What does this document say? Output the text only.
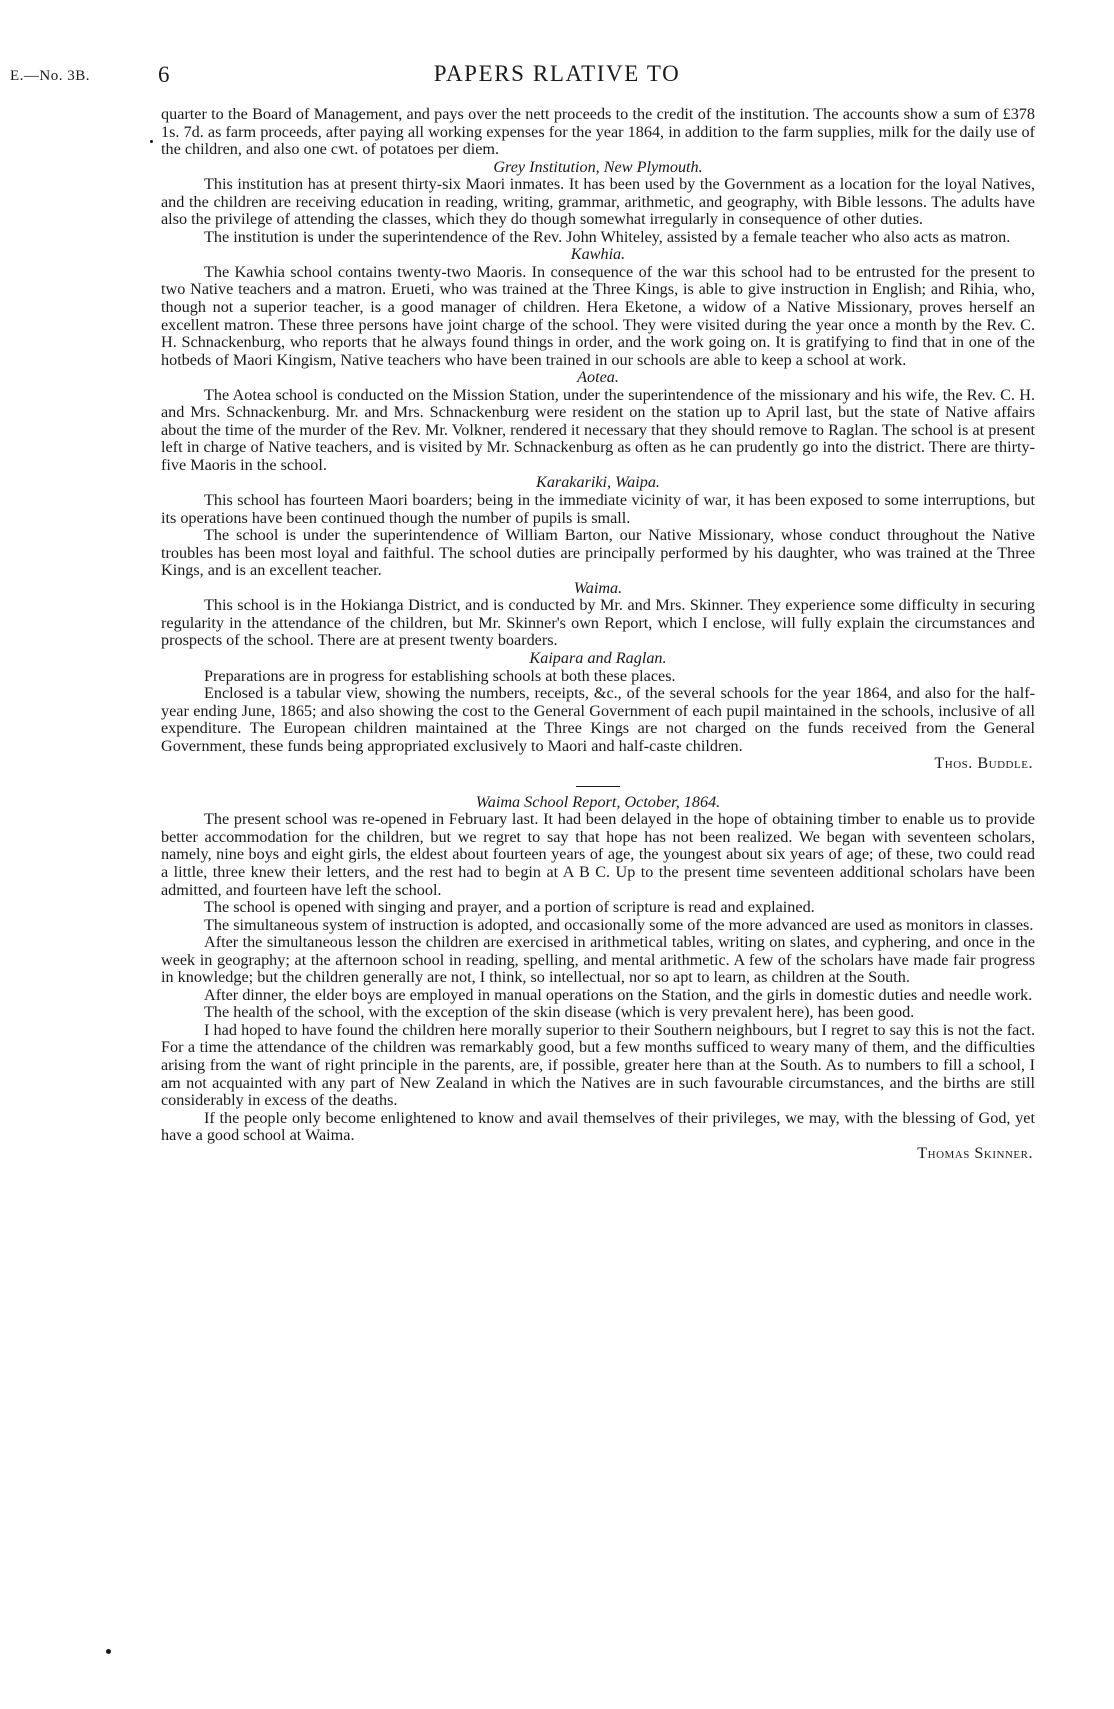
E.—No. 3B.	6	PAPERS RLATIVE TO

quarter to the Board of Management, and pays over the nett proceeds to the credit of the institution. The accounts show a sum of £378 1s. 7d. as farm proceeds, after paying all working expenses for the year 1864, in addition to the farm supplies, milk for the daily use of the children, and also one cwt. of potatoes per diem.

Grey Institution, New Plymouth.

This institution has at present thirty-six Maori inmates. It has been used by the Government as a location for the loyal Natives, and the children are receiving education in reading, writing, grammar, arithmetic, and geography, with Bible lessons. The adults have also the privilege of attending the classes, which they do though somewhat irregularly in consequence of other duties.

The institution is under the superintendence of the Rev. John Whiteley, assisted by a female teacher who also acts as matron.

Kawhia.

The Kawhia school contains twenty-two Maoris. In consequence of the war this school had to be entrusted for the present to two Native teachers and a matron. Erueti, who was trained at the Three Kings, is able to give instruction in English; and Rihia, who, though not a superior teacher, is a good manager of children. Hera Eketone, a widow of a Native Missionary, proves herself an excellent matron. These three persons have joint charge of the school. They were visited during the year once a month by the Rev. C. H. Schnackenburg, who reports that he always found things in order, and the work going on. It is gratifying to find that in one of the hotbeds of Maori Kingism, Native teachers who have been trained in our schools are able to keep a school at work.

Aotea.

The Aotea school is conducted on the Mission Station, under the superintendence of the missionary and his wife, the Rev. C. H. and Mrs. Schnackenburg. Mr. and Mrs. Schnackenburg were resident on the station up to April last, but the state of Native affairs about the time of the murder of the Rev. Mr. Volkner, rendered it necessary that they should remove to Raglan. The school is at present left in charge of Native teachers, and is visited by Mr. Schnackenburg as often as he can prudently go into the district. There are thirty-five Maoris in the school.

Karakariki, Waipa.

This school has fourteen Maori boarders; being in the immediate vicinity of war, it has been exposed to some interruptions, but its operations have been continued though the number of pupils is small.

The school is under the superintendence of William Barton, our Native Missionary, whose conduct throughout the Native troubles has been most loyal and faithful. The school duties are principally performed by his daughter, who was trained at the Three Kings, and is an excellent teacher.

Waima.

This school is in the Hokianga District, and is conducted by Mr. and Mrs. Skinner. They experience some difficulty in securing regularity in the attendance of the children, but Mr. Skinner's own Report, which I enclose, will fully explain the circumstances and prospects of the school. There are at present twenty boarders.

Kaipara and Raglan.

Preparations are in progress for establishing schools at both these places.

Enclosed is a tabular view, showing the numbers, receipts, &c., of the several schools for the year 1864, and also for the half-year ending June, 1865; and also showing the cost to the General Government of each pupil maintained in the schools, inclusive of all expenditure. The European children maintained at the Three Kings are not charged on the funds received from the General Government, these funds being appropriated exclusively to Maori and half-caste children.

Thos. Buddle.
Waima School Report, October, 1864.

The present school was re-opened in February last. It had been delayed in the hope of obtaining timber to enable us to provide better accommodation for the children, but we regret to say that hope has not been realized. We began with seventeen scholars, namely, nine boys and eight girls, the eldest about fourteen years of age, the youngest about six years of age; of these, two could read a little, three knew their letters, and the rest had to begin at A B C. Up to the present time seventeen additional scholars have been admitted, and fourteen have left the school.

The school is opened with singing and prayer, and a portion of scripture is read and explained.

The simultaneous system of instruction is adopted, and occasionally some of the more advanced are used as monitors in classes.

After the simultaneous lesson the children are exercised in arithmetical tables, writing on slates, and cyphering, and once in the week in geography; at the afternoon school in reading, spelling, and mental arithmetic. A few of the scholars have made fair progress in knowledge; but the children generally are not, I think, so intellectual, nor so apt to learn, as children at the South.

After dinner, the elder boys are employed in manual operations on the Station, and the girls in domestic duties and needle work.

The health of the school, with the exception of the skin disease (which is very prevalent here), has been good.

I had hoped to have found the children here morally superior to their Southern neighbours, but I regret to say this is not the fact. For a time the attendance of the children was remarkably good, but a few months sufficed to weary many of them, and the difficulties arising from the want of right principle in the parents, are, if possible, greater here than at the South. As to numbers to fill a school, I am not acquainted with any part of New Zealand in which the Natives are in such favourable circumstances, and the births are still considerably in excess of the deaths.

If the people only become enlightened to know and avail themselves of their privileges, we may, with the blessing of God, yet have a good school at Waima.

Thomas Skinner.
